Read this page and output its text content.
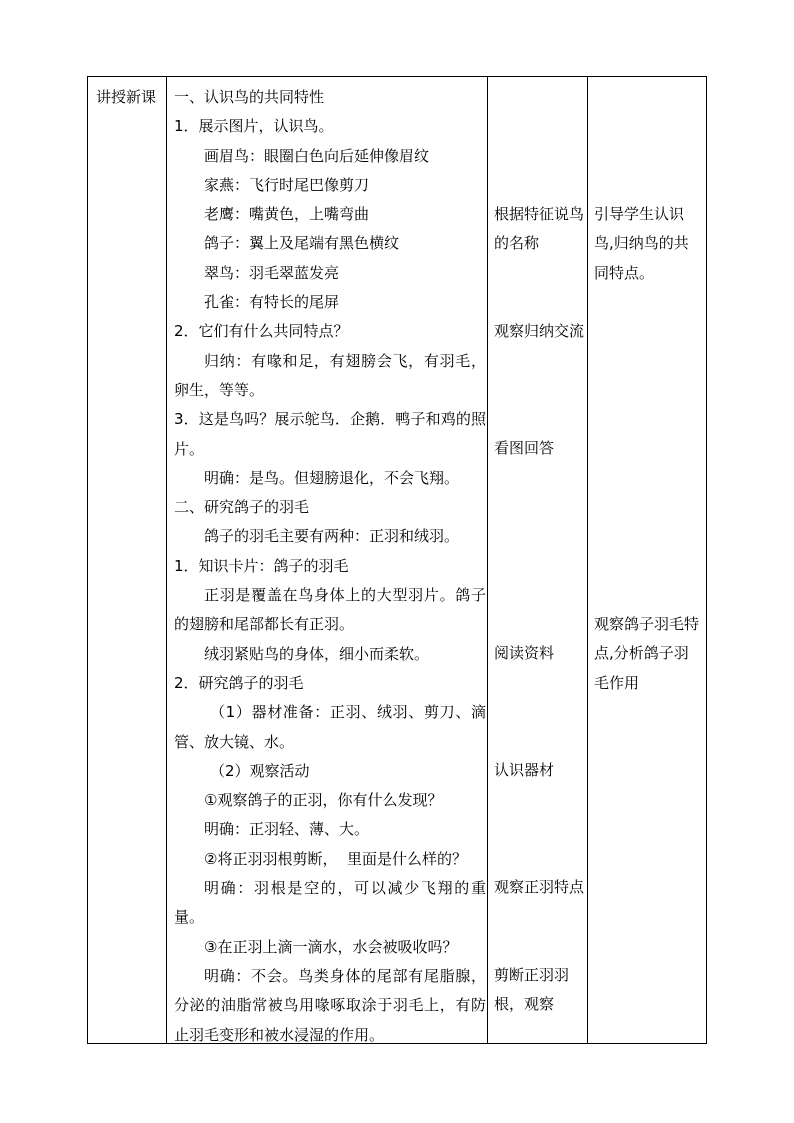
讲授新课 一、认识鸟的共同特性
1．展示图片，认识鸟。
画眉鸟：眼圈白色向后延伸像眉纹
家燕：飞行时尾巴像剪刀
老鹰：嘴黄色，上嘴弯曲
鸽子：翼上及尾端有黑色横纹
翠鸟：羽毛翠蓝发亮
孔雀：有特长的尾屏
2．它们有什么共同特点？
归纳：有喙和足，有翅膀会飞，有羽毛，卵生，等等。
3．这是鸟吗？展示鸵鸟．企鹅．鸭子和鸡的照片。
明确：是鸟。但翅膀退化，不会飞翔。
二、研究鸽子的羽毛
鸽子的羽毛主要有两种：正羽和绒羽。
1．知识卡片：鸽子的羽毛
正羽是覆盖在鸟身体上的大型羽片。鸽子的翅膀和尾部都长有正羽。
绒羽紧贴鸟的身体，细小而柔软。
2．研究鸽子的羽毛
（1）器材准备：正羽、绒羽、剪刀、滴管、放大镜、水。
（2）观察活动
①观察鸽子的正羽，你有什么发现？
明确：正羽轻、薄、大。
②将正羽羽根剪断，  里面是什么样的？
明确：羽根是空的，可以减少飞翔的重量。
③在正羽上滴一滴水，水会被吸收吗？
明确：不会。鸟类身体的尾部有尾脂腺，分泌的油脂常被鸟用喙啄取涂于羽毛上，有防止羽毛变形和被水浸湿的作用。
根据特征说鸟的名称
观察归纳交流
看图回答
阅读资料
认识器材
观察正羽特点
剪断正羽羽根，观察
引导学生认识鸟,归纳鸟的共同特点。
观察鸽子羽毛特点,分析鸽子羽毛作用
